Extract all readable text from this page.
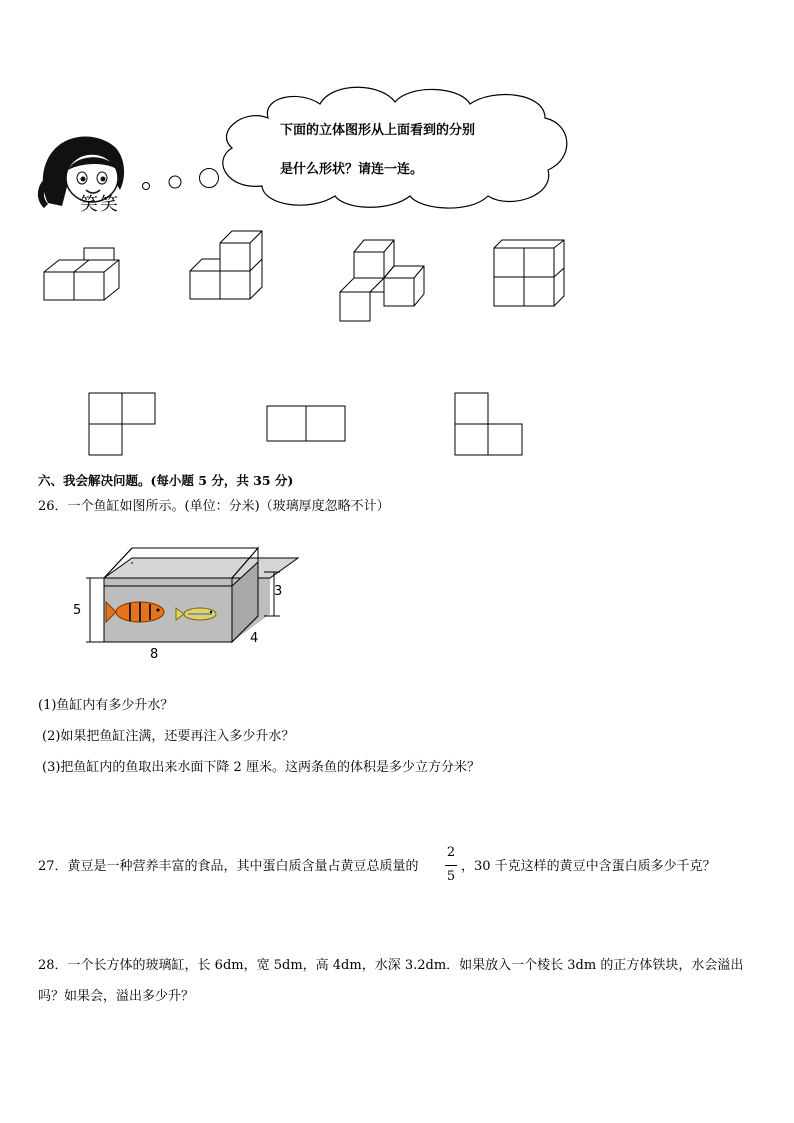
笑笑
下面的立体图形从上面看到的分别
是什么形状？请连一连。
六、我会解决问题。(每小题 5 分，共 35 分)
26．一个鱼缸如图所示。(单位：分米)（玻璃厚度忽略不计）
5
3
4
8
(1)鱼缸内有多少升水？
(2)如果把鱼缸注满，还要再注入多少升水？
(3)把鱼缸内的鱼取出来水面下降 2 厘米。这两条鱼的体积是多少立方分米？
27．黄豆是一种营养丰富的食品，其中蛋白质含量占黄豆总质量的
2
5
，30 千克这样的黄豆中含蛋白质多少千克？
28．一个长方体的玻璃缸，长 6dm，宽 5dm，高 4dm，水深 3.2dm．如果放入一个棱长 3dm 的正方体铁块，水会溢出
吗？如果会，溢出多少升？
